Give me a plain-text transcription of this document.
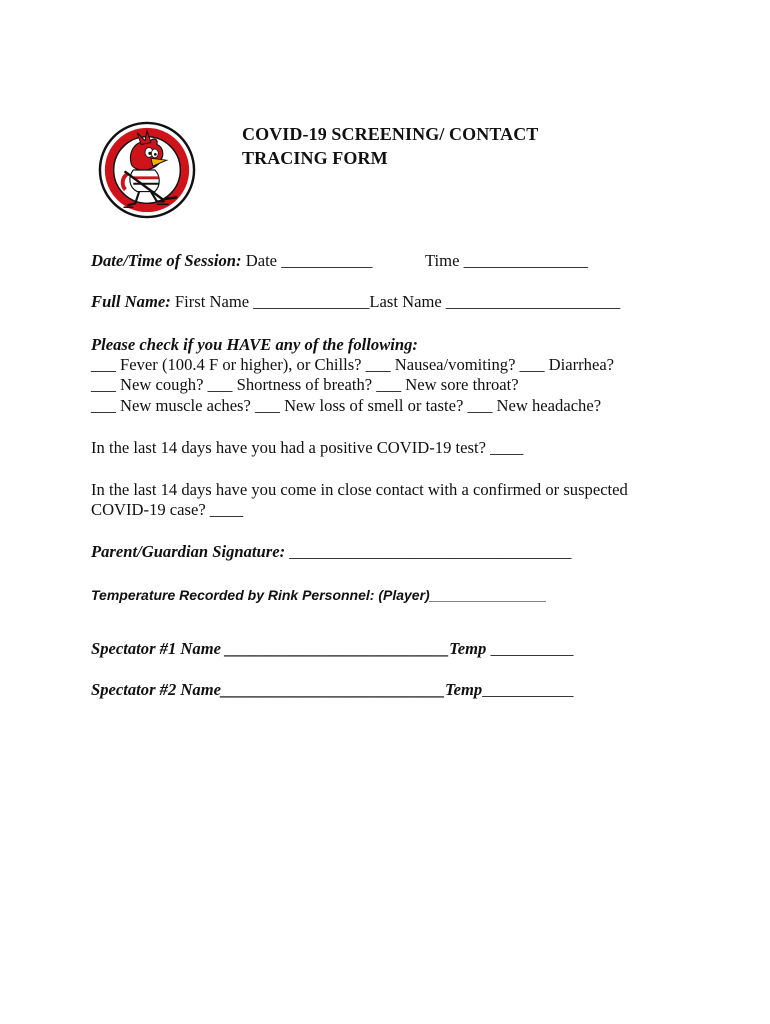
COVID-19 SCREENING/ CONTACT
TRACING FORM
Date/Time of Session: Date ___________	Time _______________
Full Name: First Name ______________Last Name _____________________
Please check if you HAVE any of the following:
___ Fever (100.4 F or higher), or Chills? ___ Nausea/vomiting? ___ Diarrhea?
___ New cough? ___ Shortness of breath? ___ New sore throat?
___ New muscle aches? ___ New loss of smell or taste? ___ New headache?
In the last 14 days have you had a positive COVID-19 test? ____
In the last 14 days have you come in close contact with a confirmed or suspected
COVID-19 case? ____
Parent/Guardian Signature: __________________________________
Temperature Recorded by Rink Personnel: (Player)_______________
Spectator #1 Name ___________________________Temp __________
Spectator #2 Name___________________________Temp___________
